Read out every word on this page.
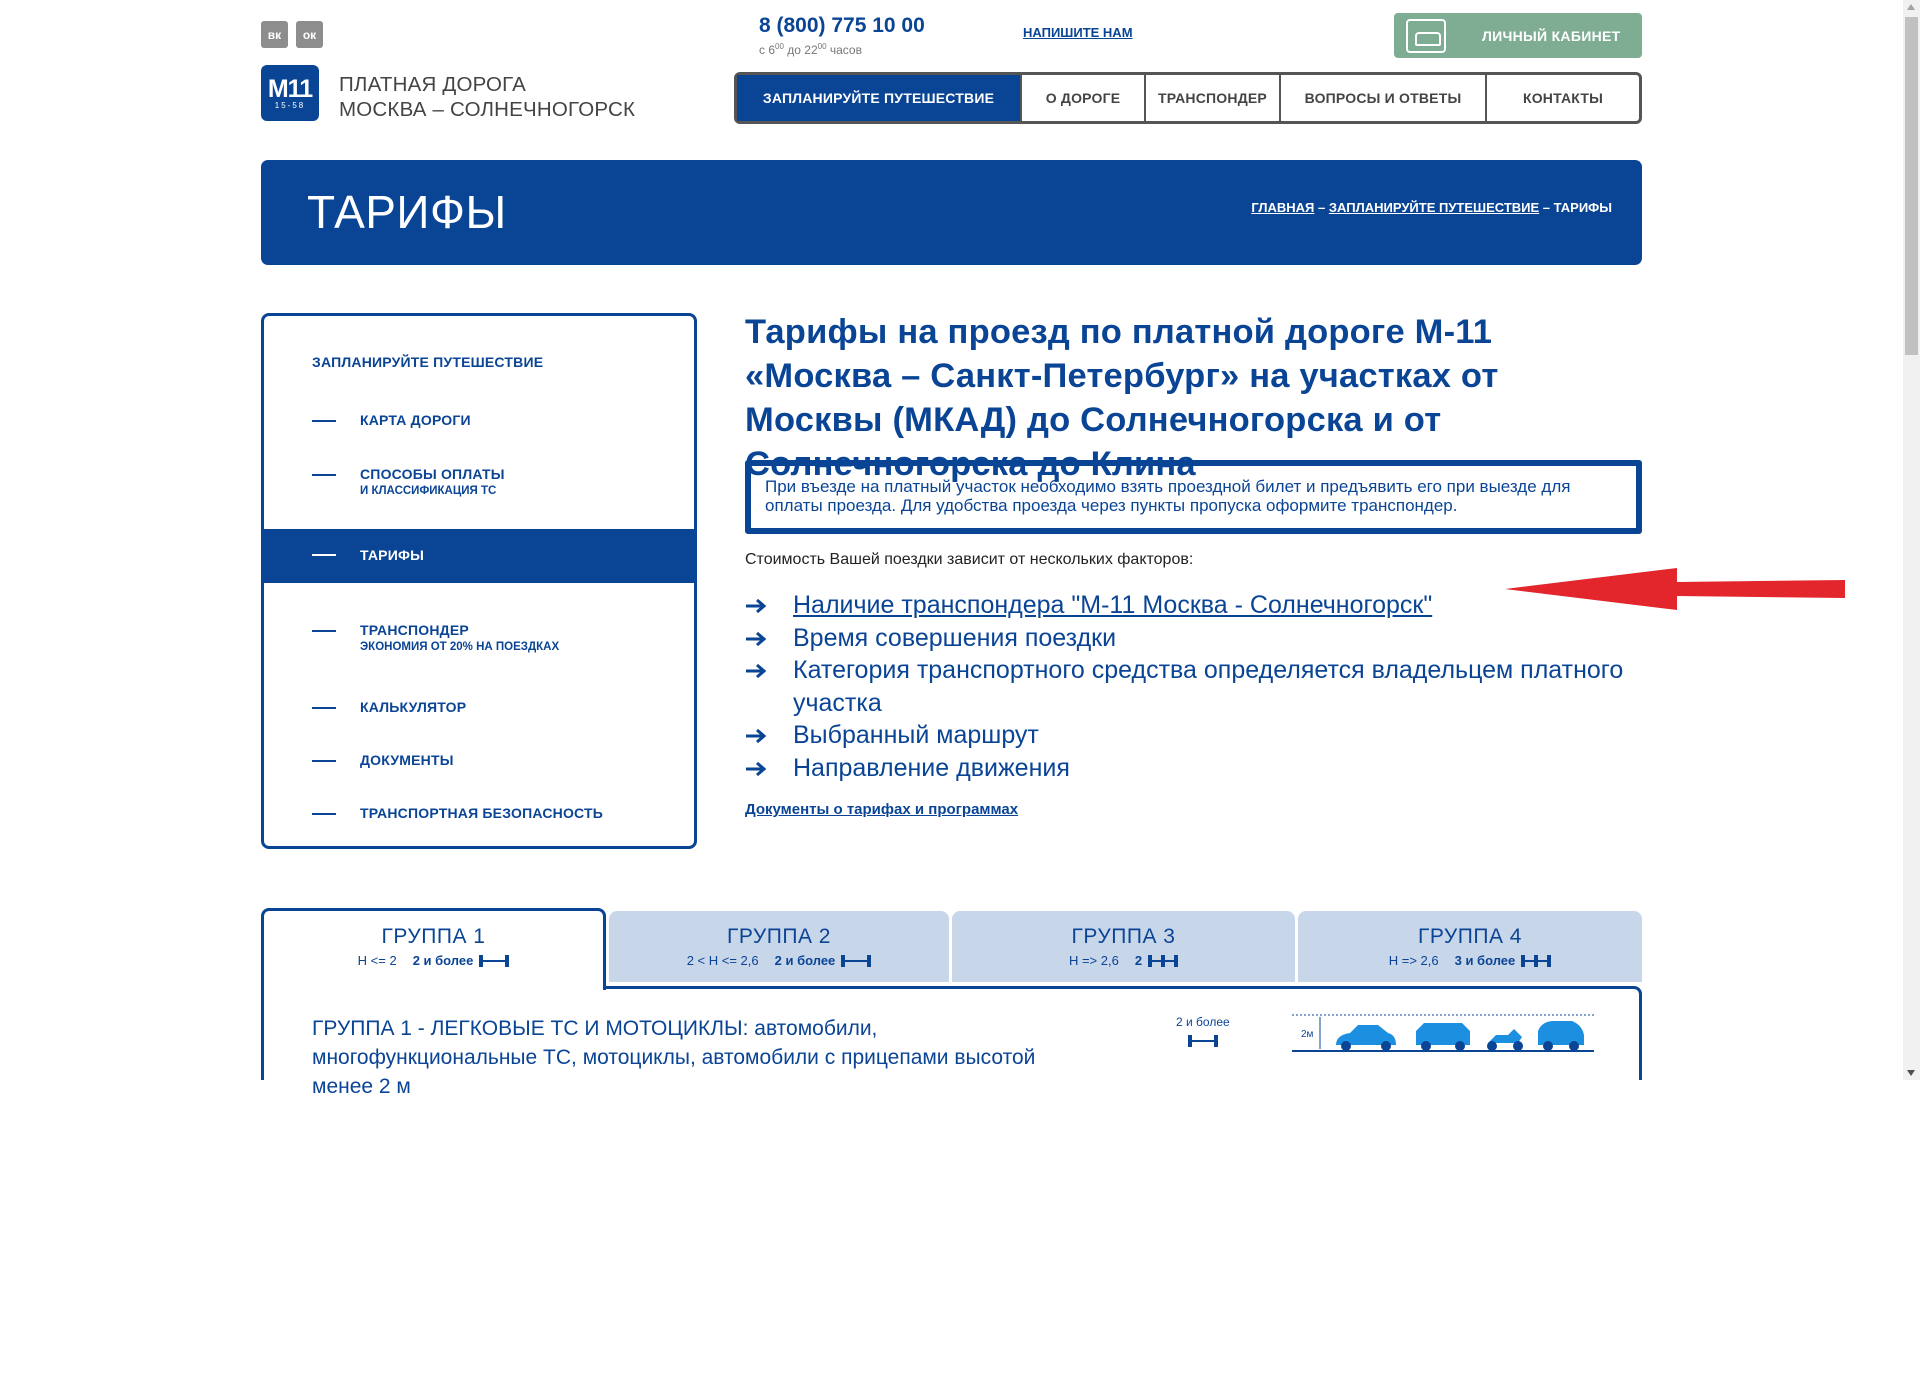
вк	ок
M11
15-58
ПЛАТНАЯ ДОРОГА
МОСКВА – СОЛНЕЧНОГОРСК
8 (800) 775 10 00
с $6^{00}$ до $22^{00}$ часов
НАПИШИТЕ НАМ	ЛИЧНЫЙ КАБИНЕТ
ЗАПЛАНИРУЙТЕ ПУТЕШЕСТВИЕ	О ДОРОГЕ	ТРАНСПОНДЕР	ВОПРОСЫ И ОТВЕТЫ	КОНТАКТЫ
ТАРИФЫ	ГЛАВНАЯ – ЗАПЛАНИРУЙТЕ ПУТЕШЕСТВИЕ – ТАРИФЫ
ЗАПЛАНИРУЙТЕ ПУТЕШЕСТВИЕ
КАРТА ДОРОГИ
СПОСОБЫ ОПЛАТЫ
И КЛАССИФИКАЦИЯ ТС
ТАРИФЫ
ТРАНСПОНДЕР
ЭКОНОМИЯ ОТ 20% НА ПОЕЗДКАХ
КАЛЬКУЛЯТОР
ДОКУМЕНТЫ
ТРАНСПОРТНАЯ БЕЗОПАСНОСТЬ
Тарифы на проезд по платной дороге М-11 «Москва – Санкт-Петербург» на участках от Москвы (МКАД) до Солнечногорска и от Солнечногорска до Клина
При въезде на платный участок необходимо взять проездной билет и предъявить его при выезде для оплаты проезда. Для удобства проезда через пункты пропуска оформите транспондер.
Стоимость Вашей поездки зависит от нескольких факторов:
Наличие транспондера "М-11 Москва - Солнечногорск"
Время совершения поездки
Категория транспортного средства определяется владельцем платного участка
Выбранный маршрут
Направление движения
Документы о тарифах и программах
ГРУППА 1
H <= 2 2 и более
ГРУППА 2
2 < H <= 2,6 2 и более
ГРУППА 3
H => 2,6 2
ГРУППА 4
H => 2,6 3 и более
ГРУППА 1 - ЛЕГКОВЫЕ ТС И МОТОЦИКЛЫ: автомобили, многофункциональные ТС, мотоциклы, автомобили с прицепами высотой менее 2 м
2 и более
2м
